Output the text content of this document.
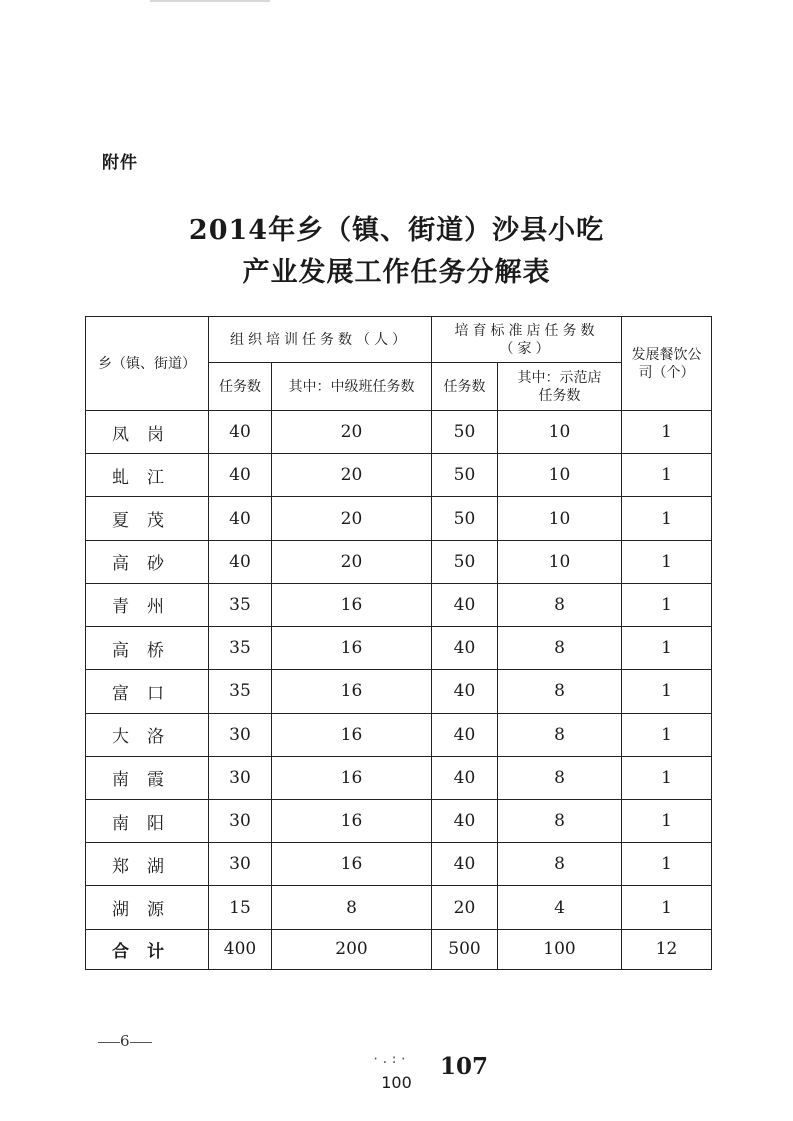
附件
2014年乡（镇、街道）沙县小吃
产业发展工作任务分解表
乡（镇、街道）	组织培训任务数（人）		培育标准店任务数（家）		发展餐饮公司（个）
	任务数	其中：中级班任务数	任务数	其中：示范店任务数	
凤岗	40	20	50	10	1
虬江	40	20	50	10	1
夏茂	40	20	50	10	1
高砂	40	20	50	10	1
青州	35	16	40	8	1
高桥	35	16	40	8	1
富口	35	16	40	8	1
大洛	30	16	40	8	1
南霞	30	16	40	8	1
南阳	30	16	40	8	1
郑湖	30	16	40	8	1
湖源	15	8	20	4	1
合计	400	200	500	100	12
6
·.:· 107
100
